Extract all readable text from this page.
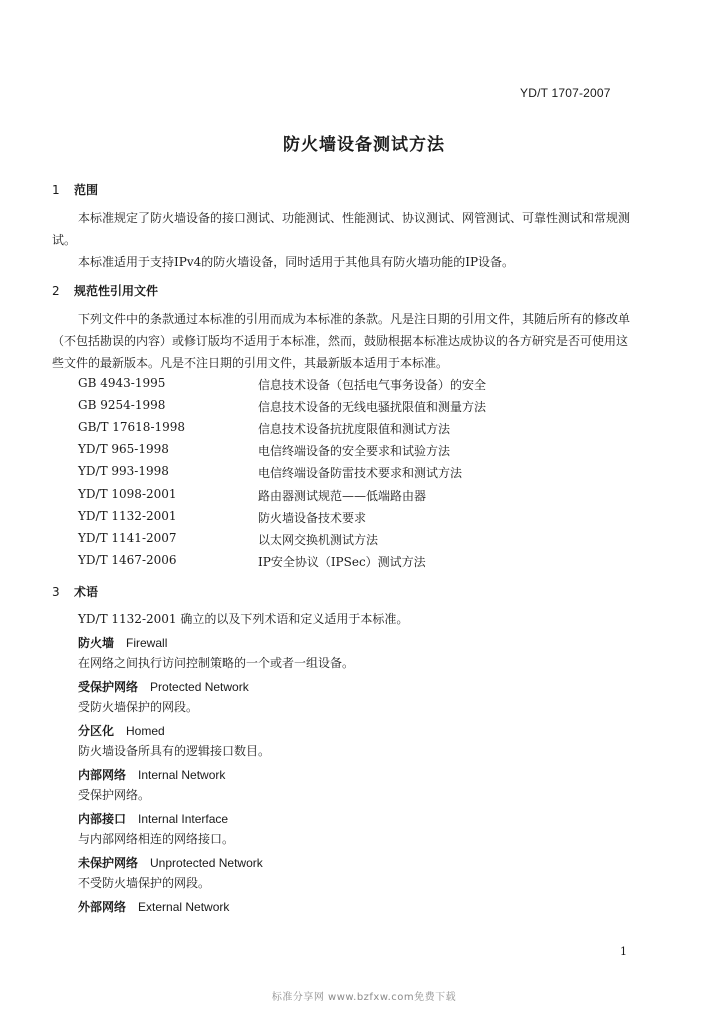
YD/T 1707-2007
防火墙设备测试方法
1 范围
本标准规定了防火墙设备的接口测试、功能测试、性能测试、协议测试、网管测试、可靠性测试和常规测试。
本标准适用于支持IPv4的防火墙设备，同时适用于其他具有防火墙功能的IP设备。
2 规范性引用文件
下列文件中的条款通过本标准的引用而成为本标准的条款。凡是注日期的引用文件，其随后所有的修改单（不包括勘误的内容）或修订版均不适用于本标准，然而，鼓励根据本标准达成协议的各方研究是否可使用这些文件的最新版本。凡是不注日期的引用文件，其最新版本适用于本标准。
GB 4943-1995	信息技术设备（包括电气事务设备）的安全
GB 9254-1998	信息技术设备的无线电骚扰限值和测量方法
GB/T 17618-1998	信息技术设备抗扰度限值和测试方法
YD/T 965-1998	电信终端设备的安全要求和试验方法
YD/T 993-1998	电信终端设备防雷技术要求和测试方法
YD/T 1098-2001	路由器测试规范——低端路由器
YD/T 1132-2001	防火墙设备技术要求
YD/T 1141-2007	以太网交换机测试方法
YD/T 1467-2006	IP安全协议（IPSec）测试方法
3 术语
YD/T 1132-2001 确立的以及下列术语和定义适用于本标准。
防火墙 Firewall
在网络之间执行访问控制策略的一个或者一组设备。
受保护网络 Protected Network
受防火墙保护的网段。
分区化 Homed
防火墙设备所具有的逻辑接口数目。
内部网络 Internal Network
受保护网络。
内部接口 Internal Interface
与内部网络相连的网络接口。
未保护网络 Unprotected Network
不受防火墙保护的网段。
外部网络 External Network
1
标准分享网 www.bzfxw.com免费下载
